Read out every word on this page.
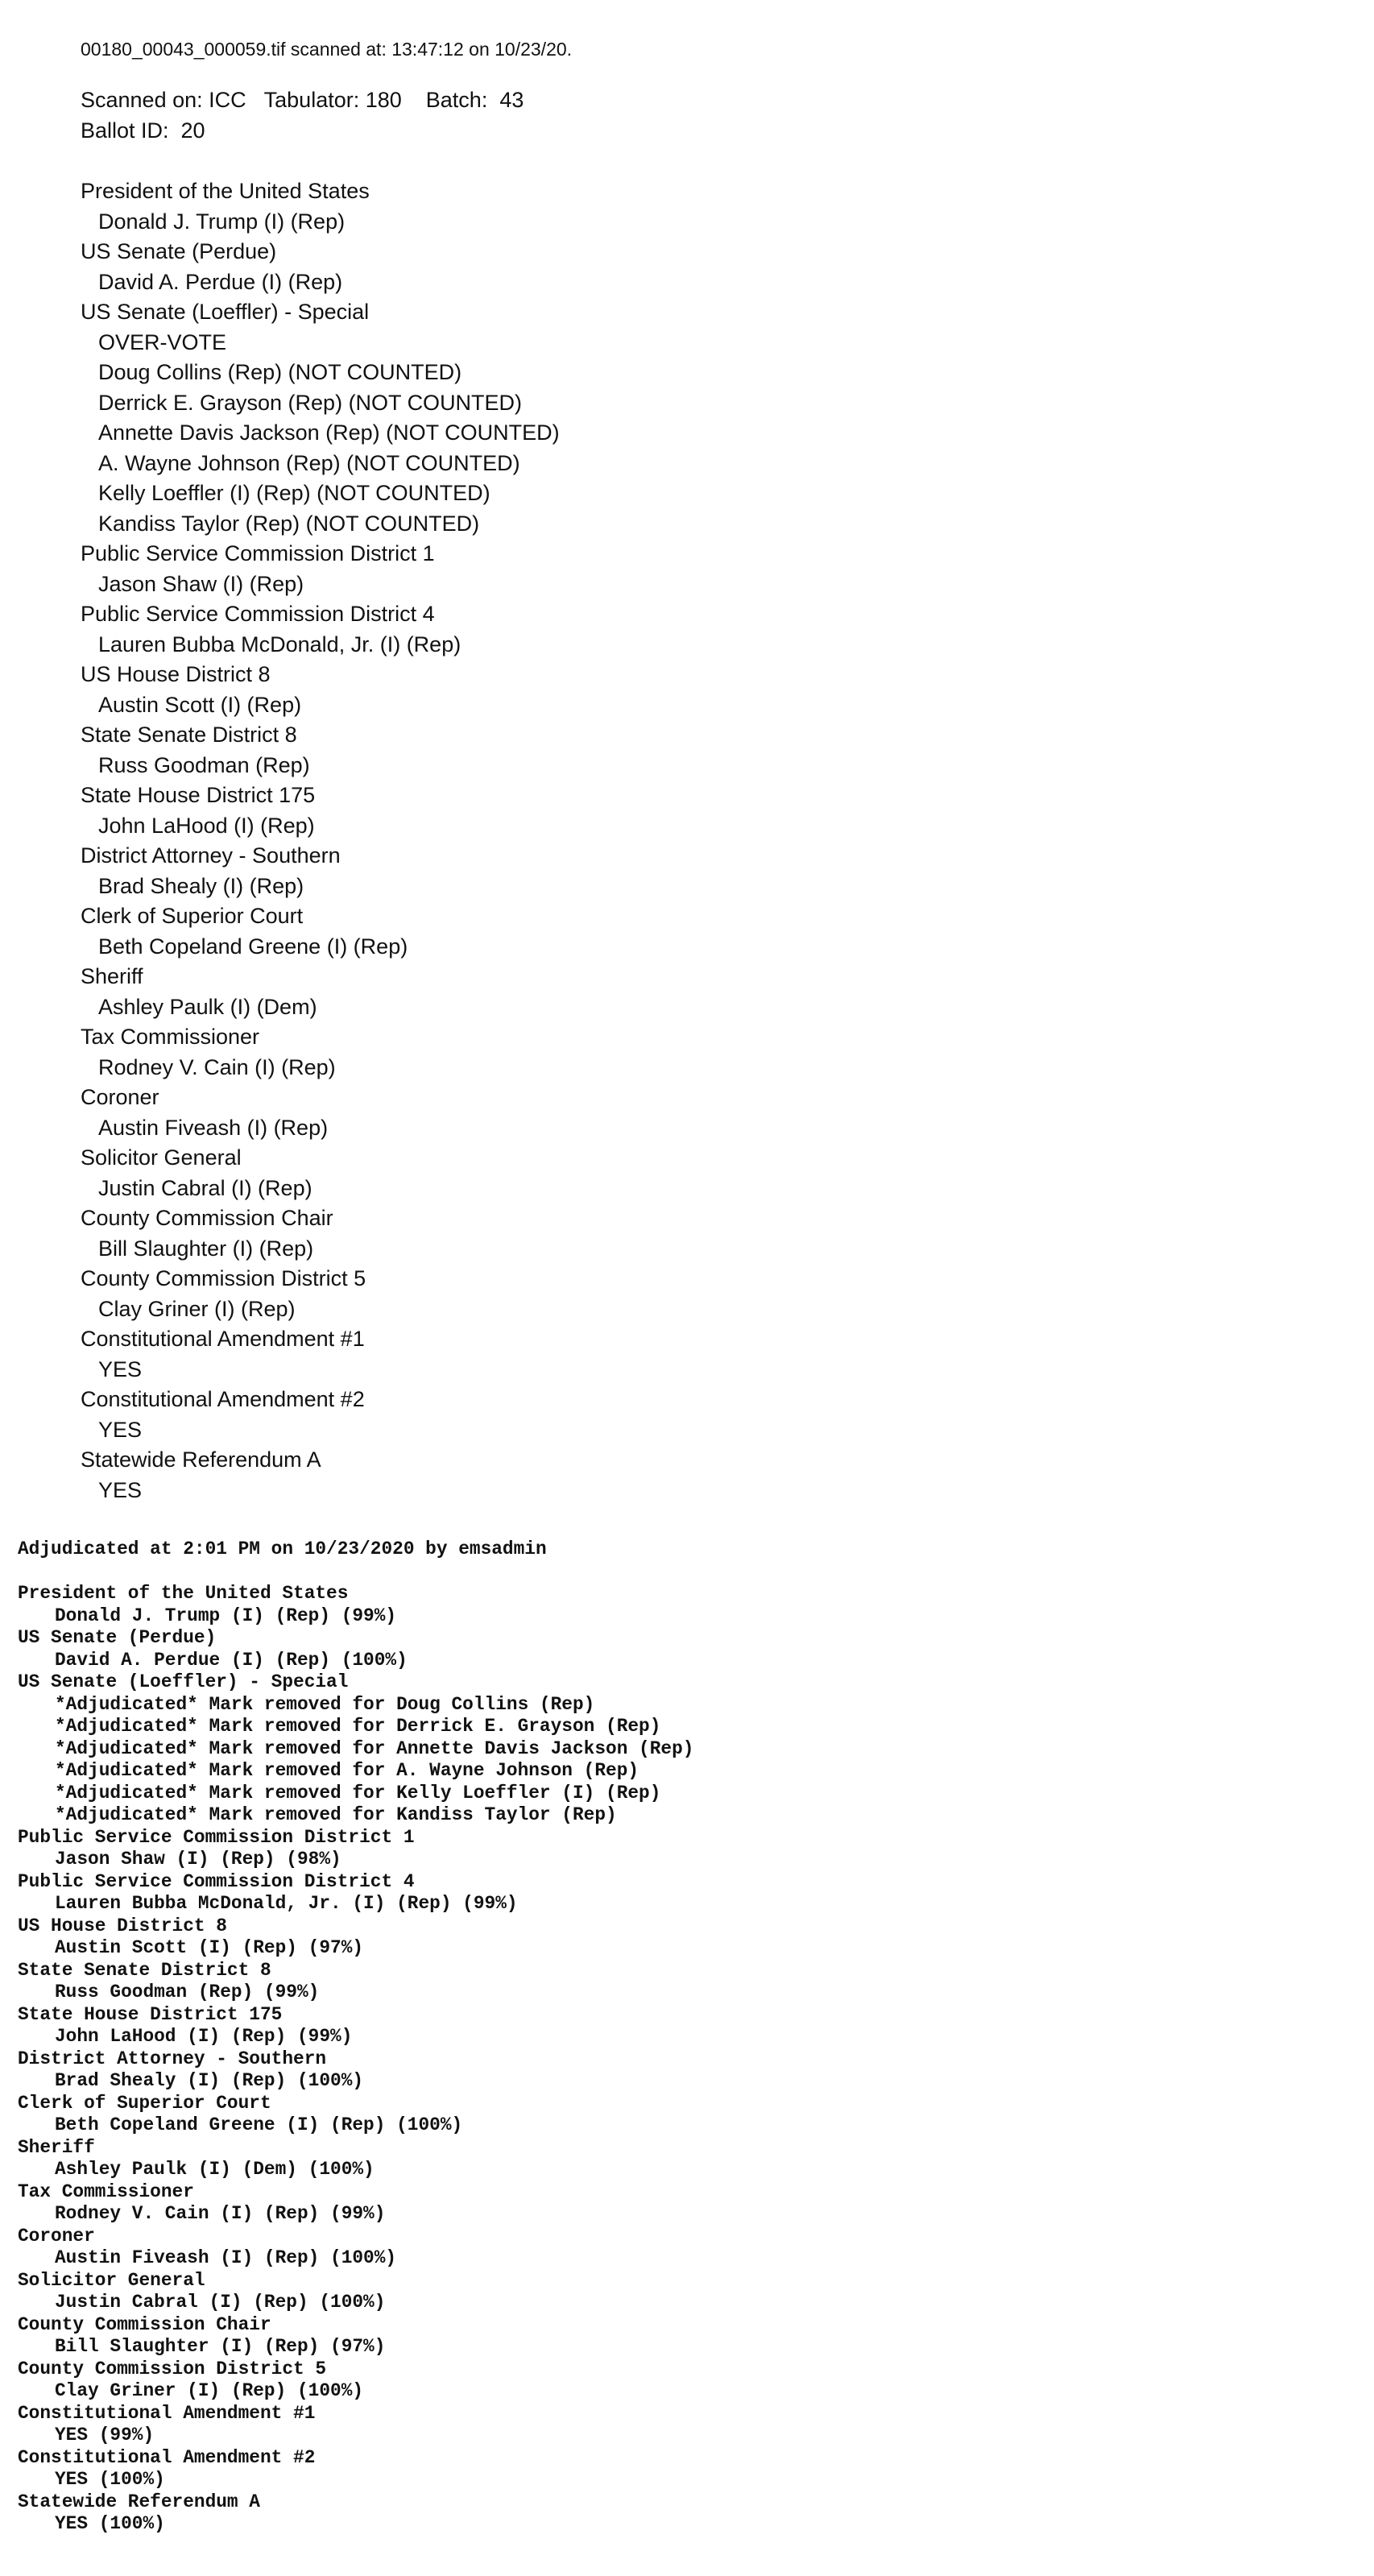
00180_00043_000059.tif scanned at: 13:47:12 on 10/23/20.
Scanned on: ICC   Tabulator: 180    Batch:  43
Ballot ID:  20
President of the United States
Donald J. Trump (I) (Rep)
US Senate (Perdue)
David A. Perdue (I) (Rep)
US Senate (Loeffler) - Special
OVER-VOTE
Doug Collins (Rep) (NOT COUNTED)
Derrick E. Grayson (Rep) (NOT COUNTED)
Annette Davis Jackson (Rep) (NOT COUNTED)
A. Wayne Johnson (Rep) (NOT COUNTED)
Kelly Loeffler (I) (Rep) (NOT COUNTED)
Kandiss Taylor (Rep) (NOT COUNTED)
Public Service Commission District 1
Jason Shaw (I) (Rep)
Public Service Commission District 4
Lauren Bubba McDonald, Jr. (I) (Rep)
US House District 8
Austin Scott (I) (Rep)
State Senate District 8
Russ Goodman (Rep)
State House District 175
John LaHood (I) (Rep)
District Attorney - Southern
Brad Shealy (I) (Rep)
Clerk of Superior Court
Beth Copeland Greene (I) (Rep)
Sheriff
Ashley Paulk (I) (Dem)
Tax Commissioner
Rodney V. Cain (I) (Rep)
Coroner
Austin Fiveash (I) (Rep)
Solicitor General
Justin Cabral (I) (Rep)
County Commission Chair
Bill Slaughter (I) (Rep)
County Commission District 5
Clay Griner (I) (Rep)
Constitutional Amendment #1
YES
Constitutional Amendment #2
YES
Statewide Referendum A
YES
Adjudicated at 2:01 PM on 10/23/2020 by emsadmin
President of the United States
Donald J. Trump (I) (Rep) (99%)
US Senate (Perdue)
David A. Perdue (I) (Rep) (100%)
US Senate (Loeffler) - Special
*Adjudicated* Mark removed for Doug Collins (Rep)
*Adjudicated* Mark removed for Derrick E. Grayson (Rep)
*Adjudicated* Mark removed for Annette Davis Jackson (Rep)
*Adjudicated* Mark removed for A. Wayne Johnson (Rep)
*Adjudicated* Mark removed for Kelly Loeffler (I) (Rep)
*Adjudicated* Mark removed for Kandiss Taylor (Rep)
Public Service Commission District 1
Jason Shaw (I) (Rep) (98%)
Public Service Commission District 4
Lauren Bubba McDonald, Jr. (I) (Rep) (99%)
US House District 8
Austin Scott (I) (Rep) (97%)
State Senate District 8
Russ Goodman (Rep) (99%)
State House District 175
John LaHood (I) (Rep) (99%)
District Attorney - Southern
Brad Shealy (I) (Rep) (100%)
Clerk of Superior Court
Beth Copeland Greene (I) (Rep) (100%)
Sheriff
Ashley Paulk (I) (Dem) (100%)
Tax Commissioner
Rodney V. Cain (I) (Rep) (99%)
Coroner
Austin Fiveash (I) (Rep) (100%)
Solicitor General
Justin Cabral (I) (Rep) (100%)
County Commission Chair
Bill Slaughter (I) (Rep) (97%)
County Commission District 5
Clay Griner (I) (Rep) (100%)
Constitutional Amendment #1
YES (99%)
Constitutional Amendment #2
YES (100%)
Statewide Referendum A
YES (100%)
